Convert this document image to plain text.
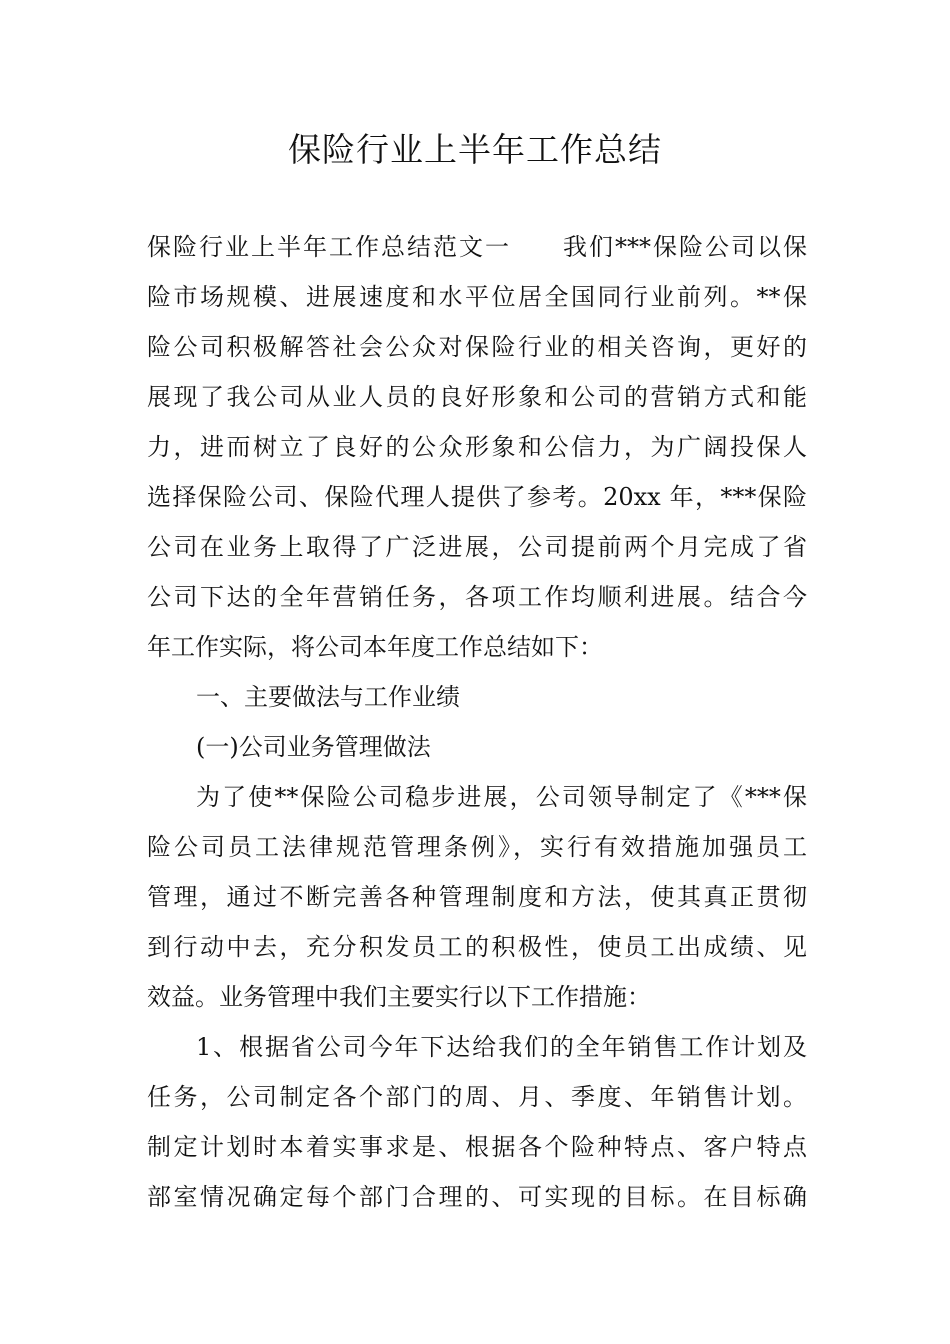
保险行业上半年工作总结
保险行业上半年工作总结范文一　　我们***保险公司以保
险市场规模、进展速度和水平位居全国同行业前列。**保
险公司积极解答社会公众对保险行业的相关咨询，更好的
展现了我公司从业人员的良好形象和公司的营销方式和能
力，进而树立了良好的公众形象和公信力，为广阔投保人
选择保险公司、保险代理人提供了参考。20xx 年，***保险
公司在业务上取得了广泛进展，公司提前两个月完成了省
公司下达的全年营销任务，各项工作均顺利进展。结合今
年工作实际，将公司本年度工作总结如下：
一、主要做法与工作业绩
(一)公司业务管理做法
为了使**保险公司稳步进展，公司领导制定了《***保
险公司员工法律规范管理条例》，实行有效措施加强员工
管理，通过不断完善各种管理制度和方法，使其真正贯彻
到行动中去，充分积发员工的积极性，使员工出成绩、见
效益。业务管理中我们主要实行以下工作措施：
1、根据省公司今年下达给我们的全年销售工作计划及
任务，公司制定各个部门的周、月、季度、年销售计划。
制定计划时本着实事求是、根据各个险种特点、客户特点
部室情况确定每个部门合理的、可实现的目标。在目标确
